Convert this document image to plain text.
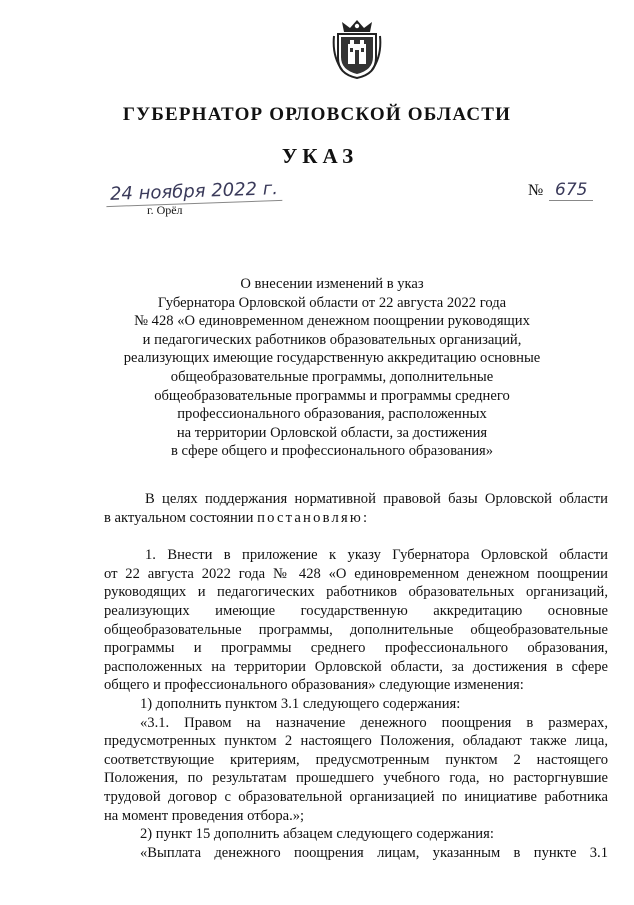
ГУБЕРНАТОР ОРЛОВСКОЙ ОБЛАСТИ
УКАЗ
24 ноября 2022 г.
г. Орёл
№ 675
О внесении изменений в указ
Губернатора Орловской области от 22 августа 2022 года
№ 428 «О единовременном денежном поощрении руководящих
и педагогических работников образовательных организаций,
реализующих имеющие государственную аккредитацию основные
общеобразовательные программы, дополнительные
общеобразовательные программы и программы среднего
профессионального образования, расположенных
на территории Орловской области, за достижения
в сфере общего и профессионального образования»
В целях поддержания нормативной правовой базы Орловской области
в актуальном состоянии постановляю:
1. Внести в приложение к указу Губернатора Орловской области
от 22 августа 2022 года № 428 «О единовременном денежном поощрении
руководящих и педагогических работников образовательных организаций,
реализующих имеющие государственную аккредитацию основные
общеобразовательные программы, дополнительные общеобразовательные
программы и программы среднего профессионального образования,
расположенных на территории Орловской области, за достижения в сфере
общего и профессионального образования» следующие изменения:
1) дополнить пунктом 3.1 следующего содержания:
«3.1. Правом на назначение денежного поощрения в размерах,
предусмотренных пунктом 2 настоящего Положения, обладают также лица,
соответствующие критериям, предусмотренным пунктом 2 настоящего
Положения, по результатам прошедшего учебного года, но расторгнувшие
трудовой договор с образовательной организацией по инициативе работника
на момент проведения отбора.»;
2) пункт 15 дополнить абзацем следующего содержания:
«Выплата денежного поощрения лицам, указанным в пункте 3.1
